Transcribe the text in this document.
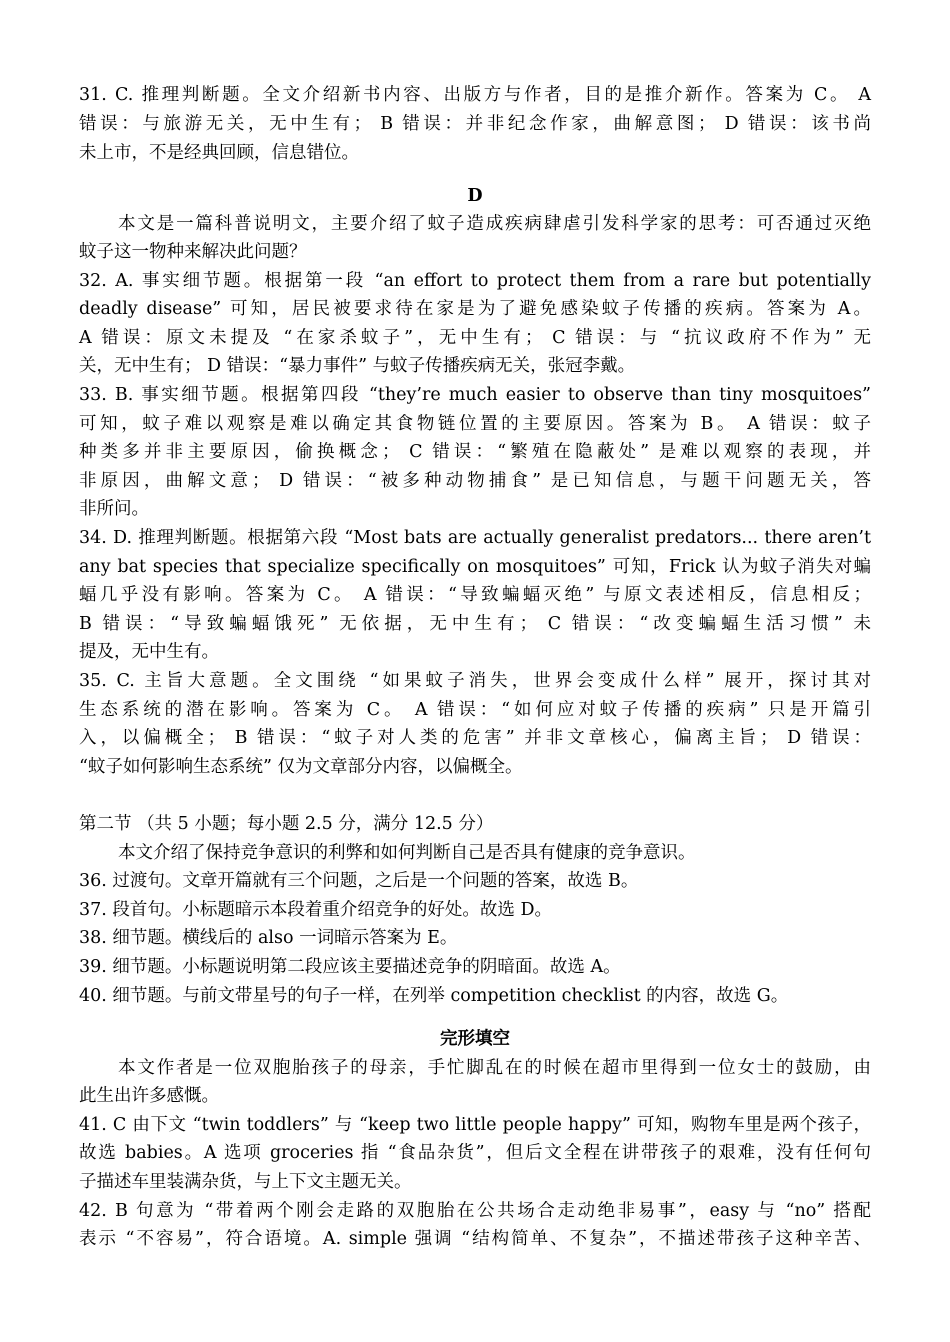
31. C. 推理判断题。全文介绍新书内容、出版方与作者，目的是推介新作。答案为 C。 A
错误：与旅游无关，无中生有； B 错误：并非纪念作家，曲解意图； D 错误：该书尚
未上市，不是经典回顾，信息错位。
D
本文是一篇科普说明文，主要介绍了蚊子造成疾病肆虐引发科学家的思考：可否通过灭绝
蚊子这一物种来解决此问题？
32. A. 事实细节题。根据第一段 “an effort to protect them from a rare but potentially
deadly disease” 可知，居民被要求待在家是为了避免感染蚊子传播的疾病。答案为 A。
A 错误：原文未提及 “在家杀蚊子”，无中生有； C 错误：与 “抗议政府不作为” 无
关，无中生有； D 错误：“暴力事件” 与蚊子传播疾病无关，张冠李戴。
33. B. 事实细节题。根据第四段 “they’re much easier to observe than tiny mosquitoes”
可知，蚊子难以观察是难以确定其食物链位置的主要原因。答案为 B。 A 错误：蚊子
种类多并非主要原因，偷换概念； C 错误：“繁殖在隐蔽处” 是难以观察的表现，并
非原因，曲解文意； D 错误：“被多种动物捕食” 是已知信息，与题干问题无关，答
非所问。
34. D. 推理判断题。根据第六段 “Most bats are actually generalist predators... there aren’t
any bat species that specialize specifically on mosquitoes” 可知，Frick 认为蚊子消失对蝙
蝠几乎没有影响。答案为 C。 A 错误：“导致蝙蝠灭绝” 与原文表述相反，信息相反；
B 错误：“导致蝙蝠饿死” 无依据，无中生有； C 错误：“改变蝙蝠生活习惯” 未
提及，无中生有。
35. C. 主旨大意题。全文围绕 “如果蚊子消失，世界会变成什么样” 展开，探讨其对
生态系统的潜在影响。答案为 C。 A 错误：“如何应对蚊子传播的疾病” 只是开篇引
入，以偏概全； B 错误：“蚊子对人类的危害” 并非文章核心，偏离主旨； D 错误：
“蚊子如何影响生态系统” 仅为文章部分内容，以偏概全。
第二节 （共 5 小题；每小题 2.5 分，满分 12.5 分）
本文介绍了保持竞争意识的利弊和如何判断自己是否具有健康的竞争意识。
36. 过渡句。文章开篇就有三个问题，之后是一个问题的答案，故选 B。
37. 段首句。小标题暗示本段着重介绍竞争的好处。故选 D。
38. 细节题。横线后的 also 一词暗示答案为 E。
39. 细节题。小标题说明第二段应该主要描述竞争的阴暗面。故选 A。
40. 细节题。与前文带星号的句子一样，在列举 competition checklist 的内容，故选 G。
完形填空
本文作者是一位双胞胎孩子的母亲，手忙脚乱在的时候在超市里得到一位女士的鼓励，由
此生出许多感慨。
41. C 由下文 “twin toddlers” 与 “keep two little people happy” 可知，购物车里是两个孩子，
故选 babies。A 选项 groceries 指 “食品杂货”，但后文全程在讲带孩子的艰难，没有任何句
子描述车里装满杂货，与上下文主题无关。
42. B 句意为 “带着两个刚会走路的双胞胎在公共场合走动绝非易事”，easy 与 “no” 搭配
表示 “不容易”，符合语境。A. simple 强调 “结构简单、不复杂”，不描述带孩子这种辛苦、
